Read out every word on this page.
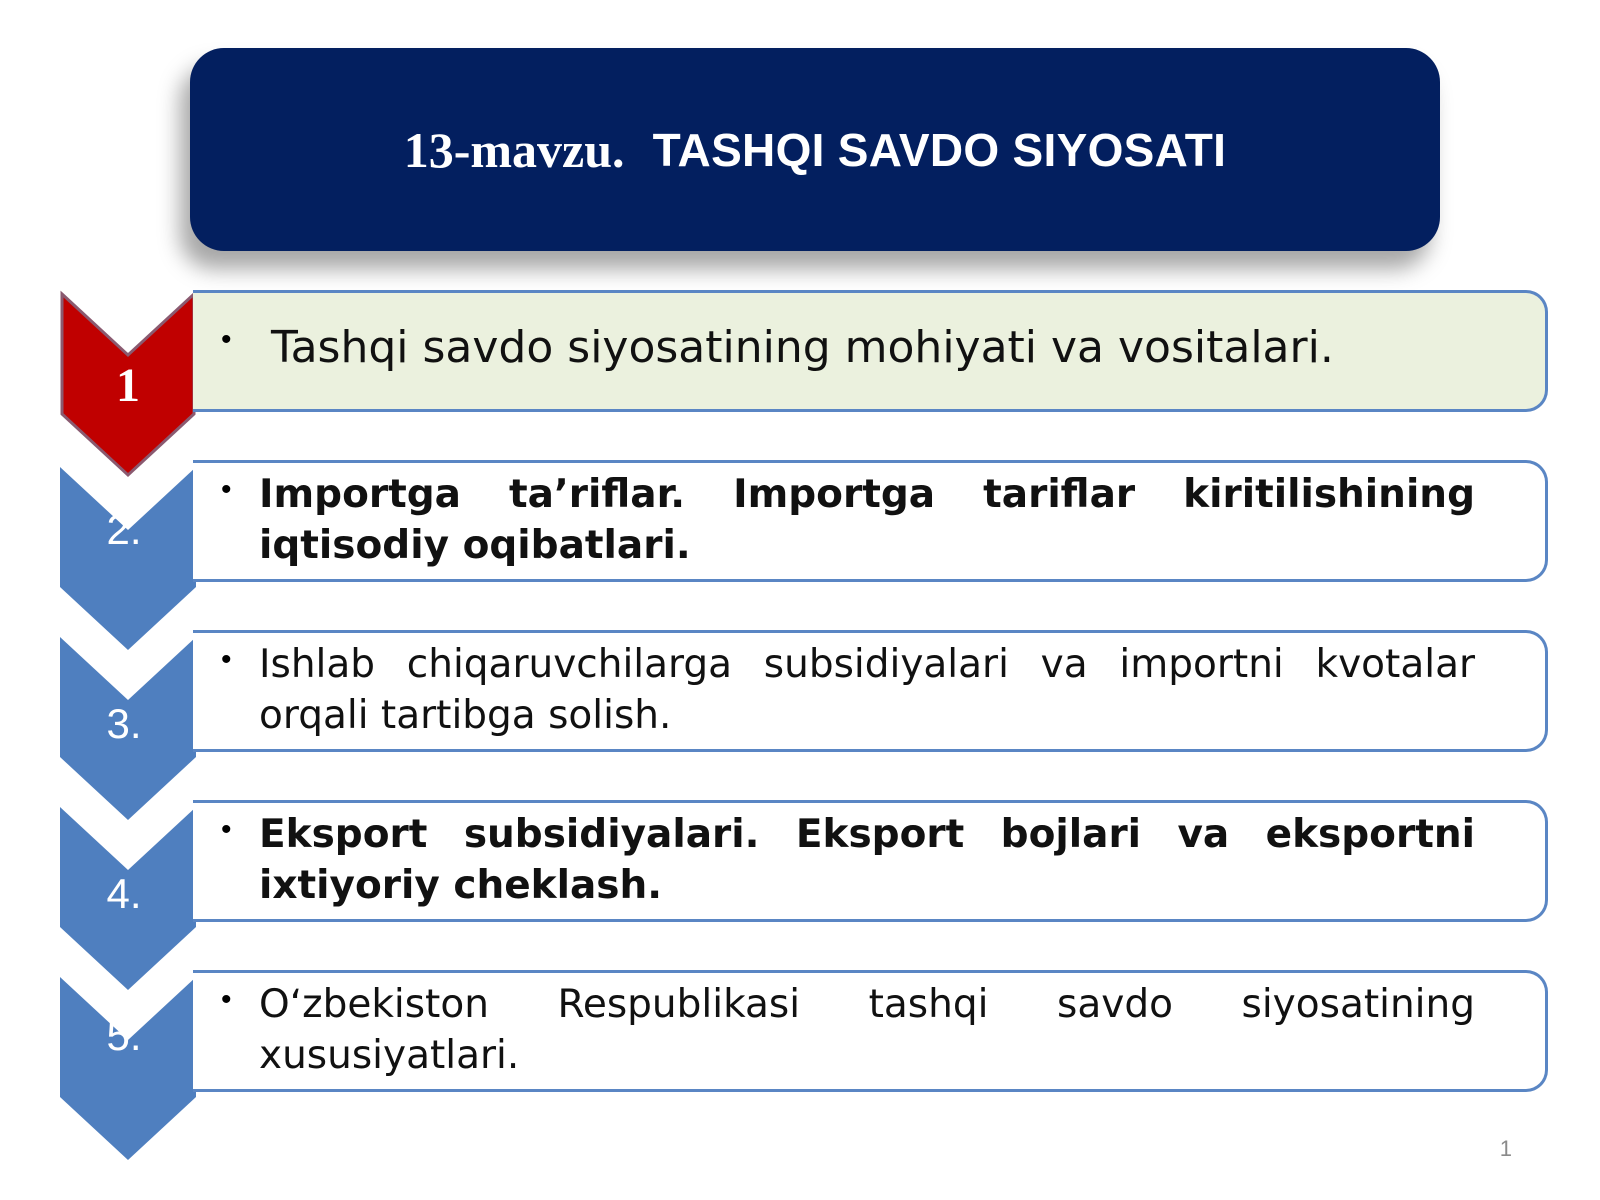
1
2.
3.
4.
5.
13-mavzu. TASHQI SAVDO SIYOSATI
• Tashqi savdo siyosatining mohiyati va vositalari.
• Importga ta’riflar. Importga tariflar kiritilishining iqtisodiy oqibatlari.
• Ishlab chiqaruvchilarga subsidiyalari va importni kvotalar orqali tartibga solish.
• Eksport subsidiyalari. Eksport bojlari va eksportni ixtiyoriy cheklash.
• O‘zbekiston Respublikasi tashqi savdo siyosatining xususiyatlari.
1
